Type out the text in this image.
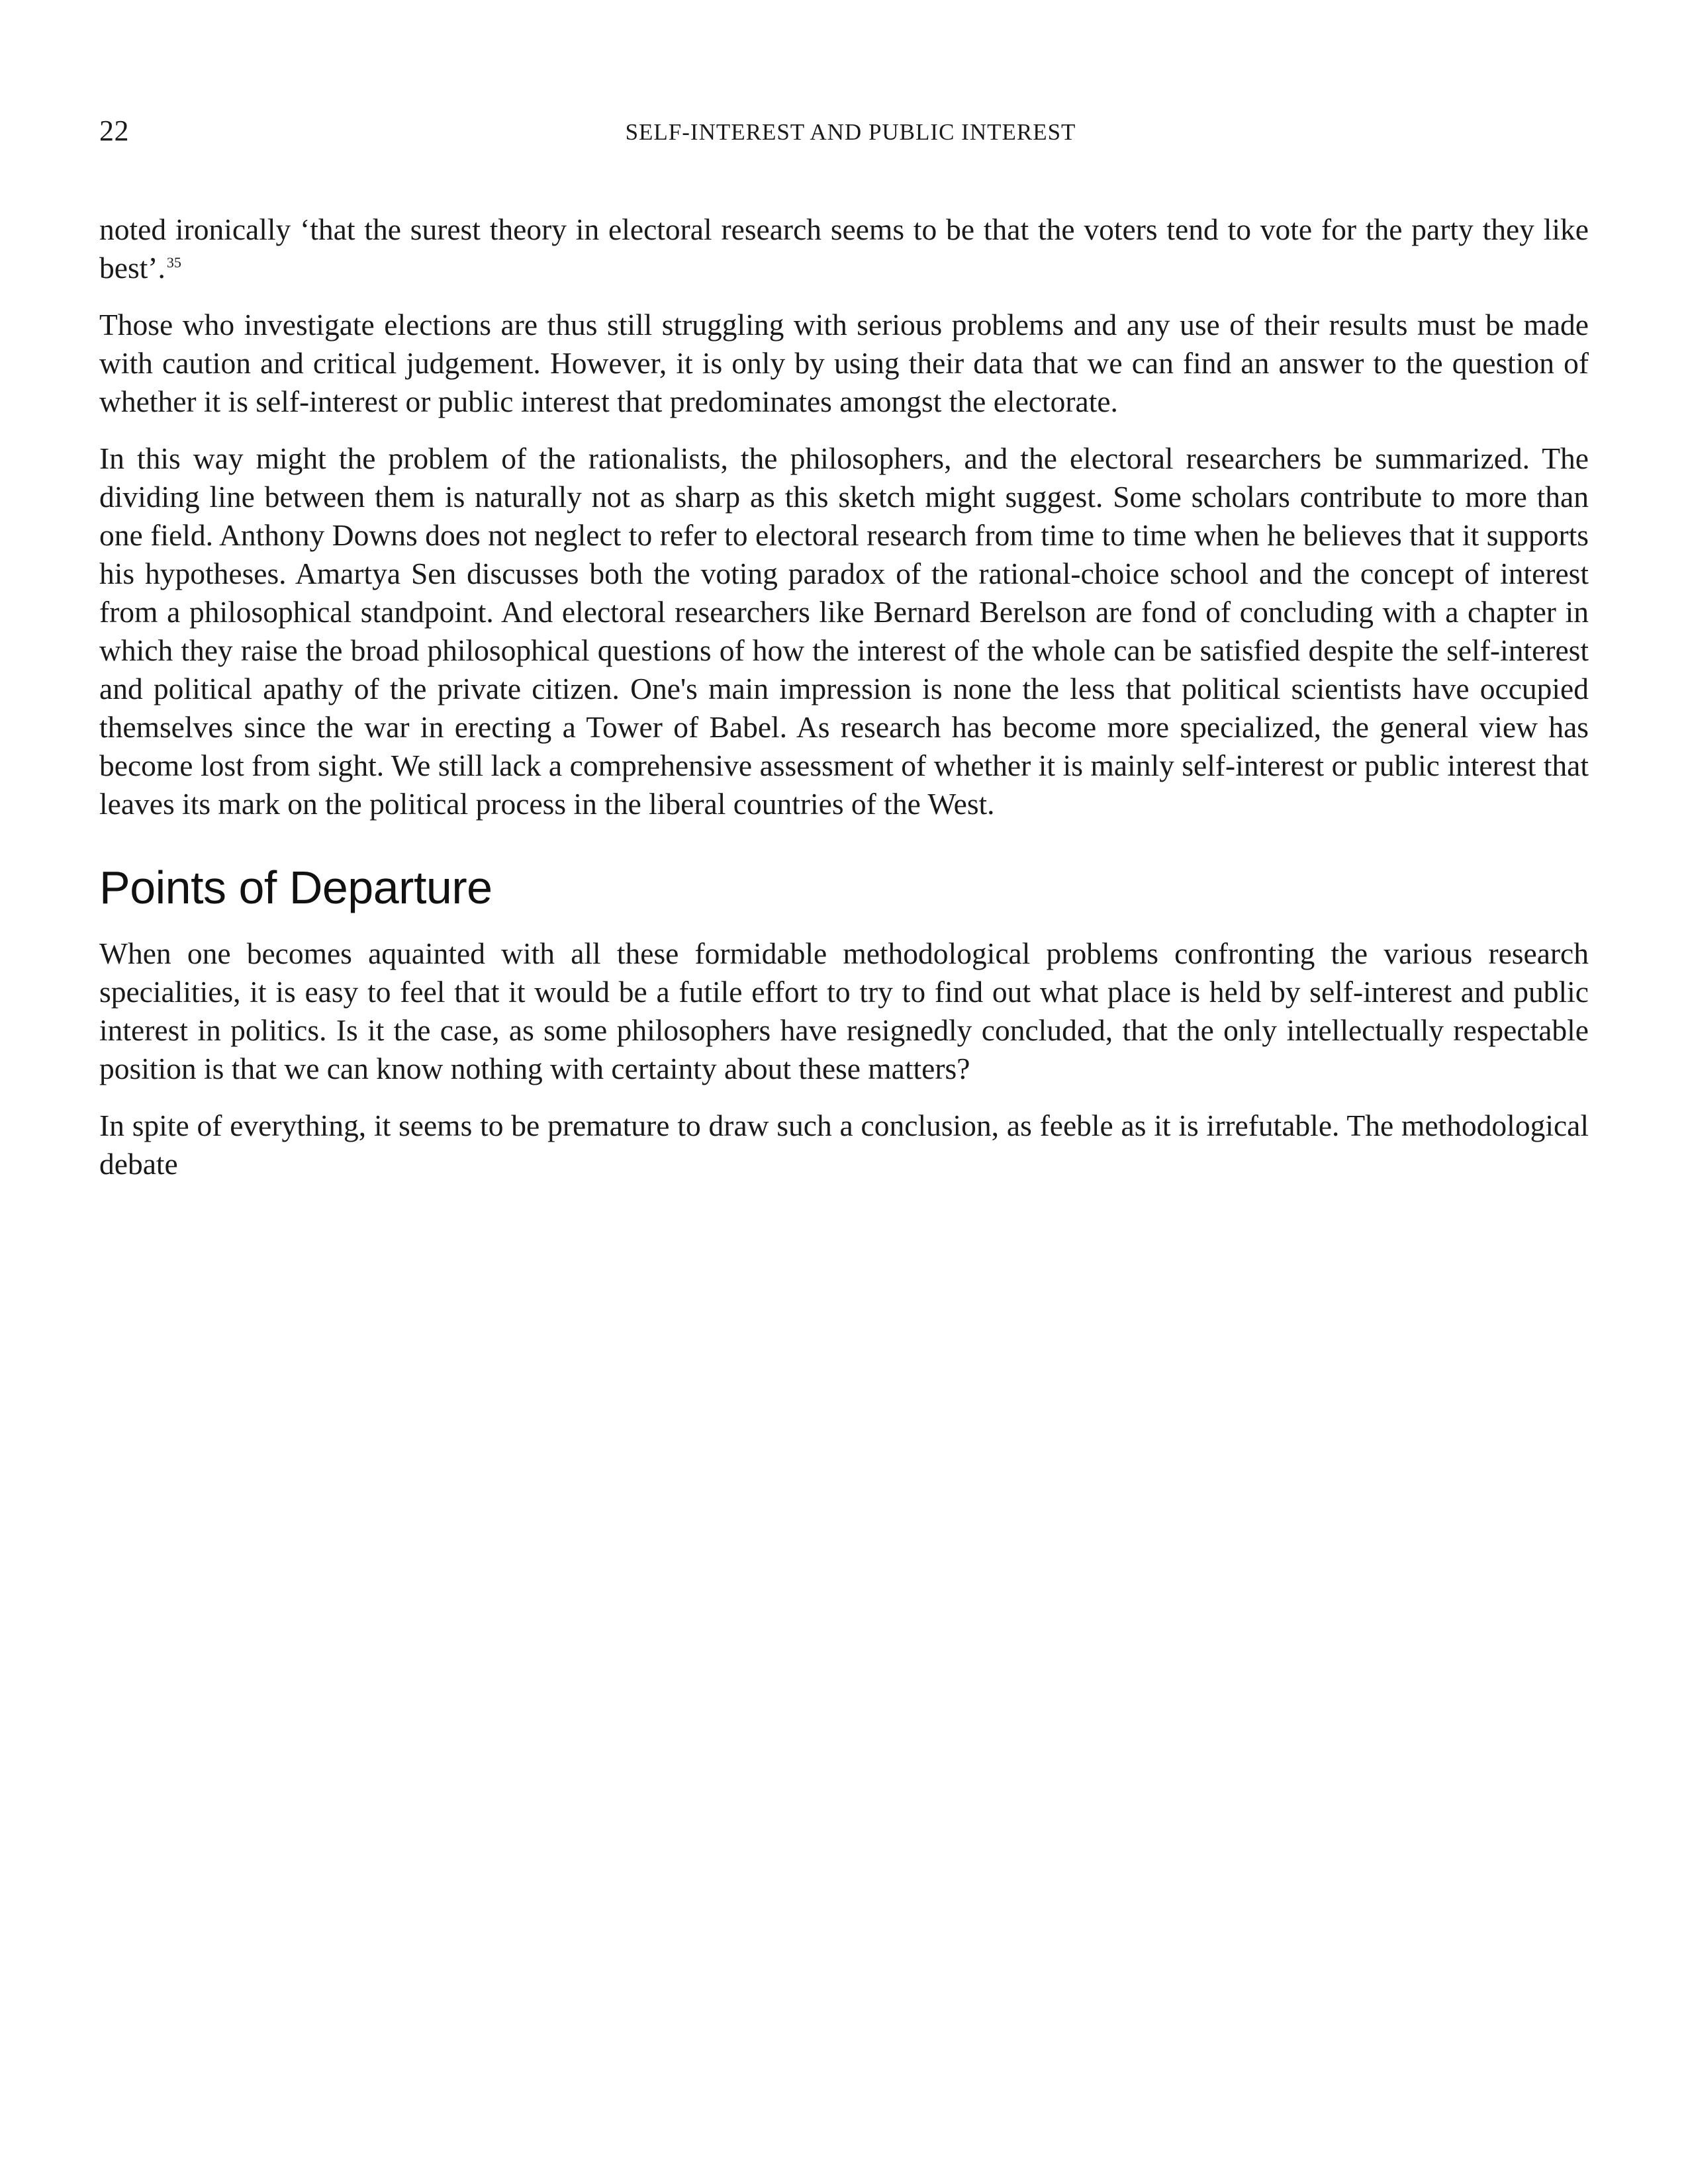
22	SELF-INTEREST AND PUBLIC INTEREST

noted ironically ‘that the surest theory in electoral research seems to be that the voters tend to vote for the party they like best’.$^{35}$

Those who investigate elections are thus still struggling with serious problems and any use of their results must be made with caution and critical judgement. However, it is only by using their data that we can find an answer to the question of whether it is self-interest or public interest that predominates amongst the electorate.

In this way might the problem of the rationalists, the philosophers, and the electoral researchers be summarized. The dividing line between them is naturally not as sharp as this sketch might suggest. Some scholars contribute to more than one field. Anthony Downs does not neglect to refer to electoral research from time to time when he believes that it supports his hypotheses. Amartya Sen discusses both the voting paradox of the rational-choice school and the concept of interest from a philosophical standpoint. And electoral researchers like Bernard Berelson are fond of concluding with a chapter in which they raise the broad philosophical questions of how the interest of the whole can be satisfied despite the self-interest and political apathy of the private citizen. One's main impression is none the less that political scientists have occupied themselves since the war in erecting a Tower of Babel. As research has become more specialized, the general view has become lost from sight. We still lack a comprehensive assessment of whether it is mainly self-interest or public interest that leaves its mark on the political process in the liberal countries of the West.

Points of Departure

When one becomes aquainted with all these formidable methodological problems confronting the various research specialities, it is easy to feel that it would be a futile effort to try to find out what place is held by self-interest and public interest in politics. Is it the case, as some philosophers have resignedly concluded, that the only intellectually respectable position is that we can know nothing with certainty about these matters?

In spite of everything, it seems to be premature to draw such a conclusion, as feeble as it is irrefutable. The methodological debate
